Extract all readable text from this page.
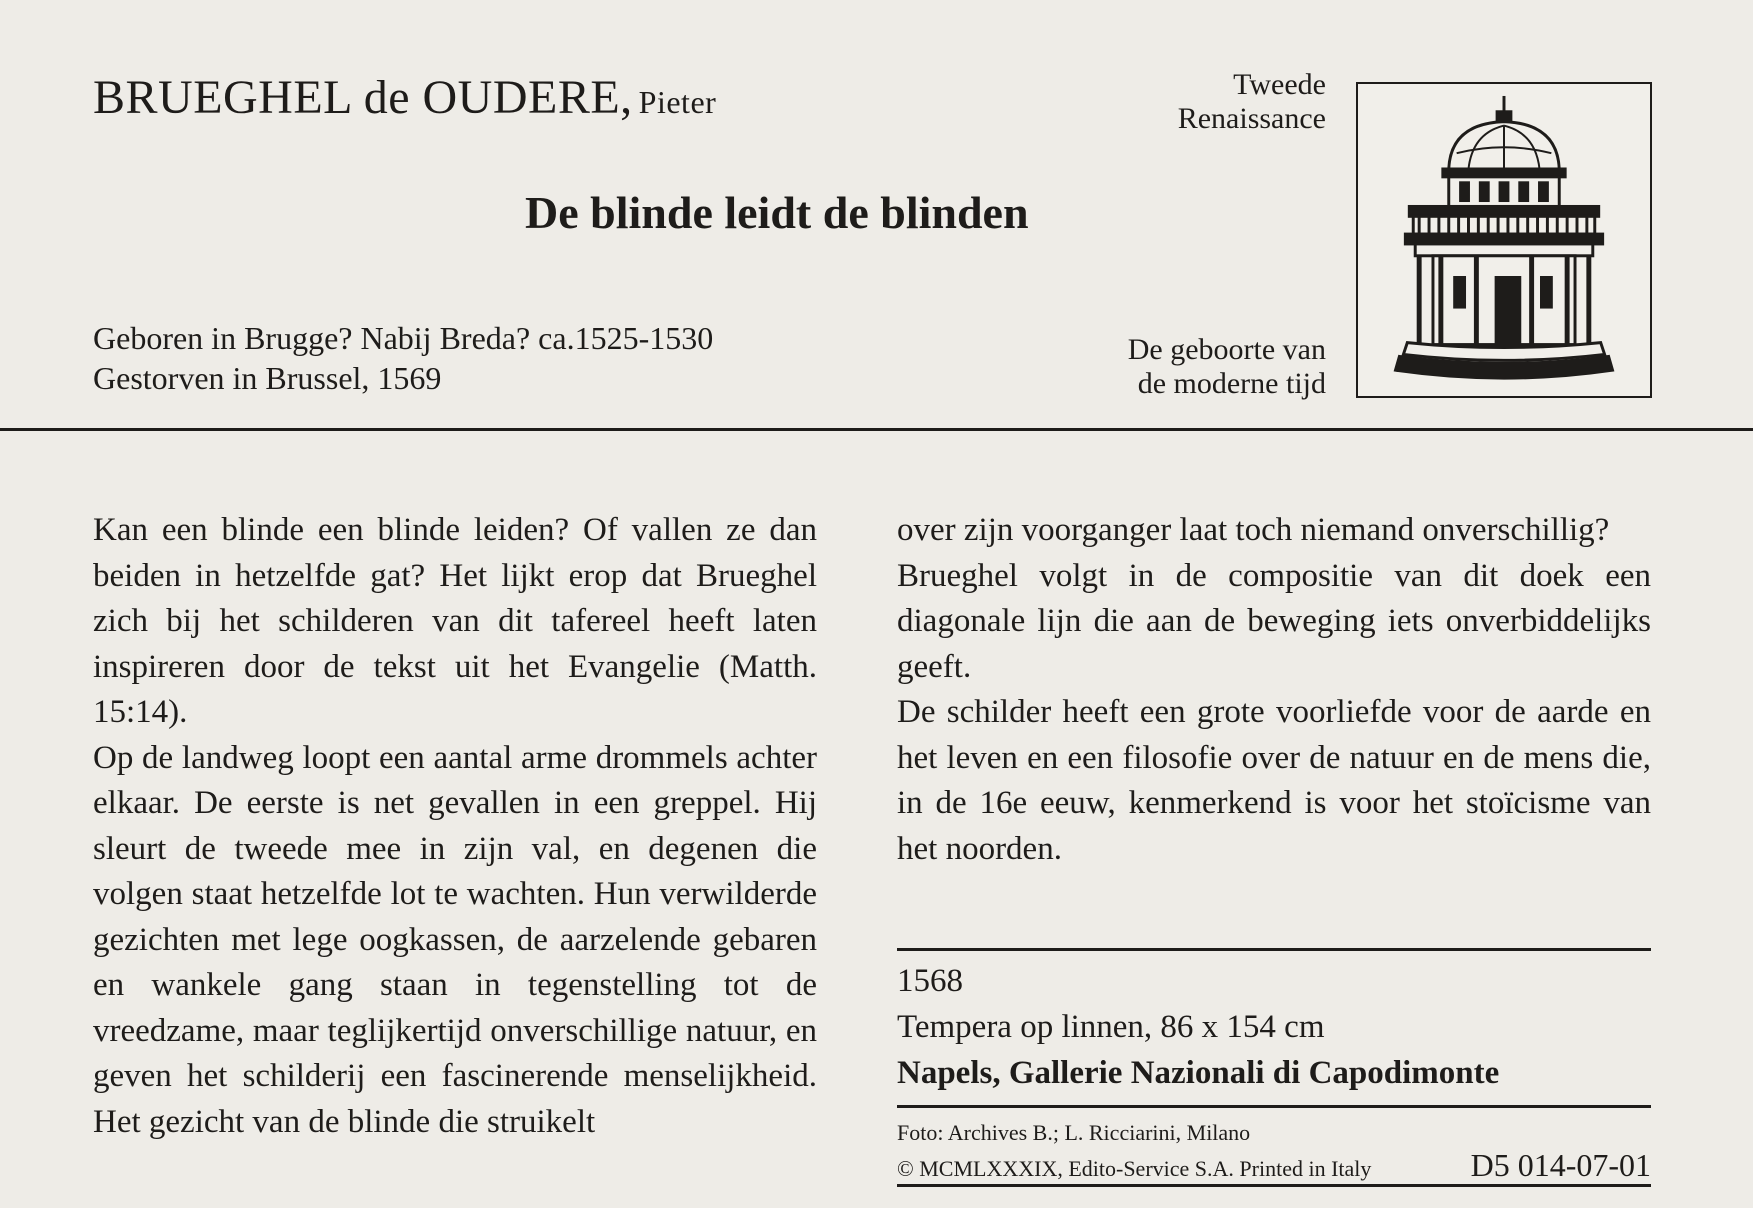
BRUEGHEL de OUDERE, Pieter	Tweede
Renaissance
De blinde leidt de blinden
Geboren in Brugge? Nabij Breda? ca.1525-1530
Gestorven in Brussel, 1569
De geboorte van
de moderne tijd

Kan een blinde een blinde leiden? Of vallen ze dan beiden in hetzelfde gat? Het lijkt erop dat Brueghel zich bij het schilderen van dit tafereel heeft laten inspireren door de tekst uit het Evangelie (Matth. 15:14).

Op de landweg loopt een aantal arme drommels achter elkaar. De eerste is net gevallen in een greppel. Hij sleurt de tweede mee in zijn val, en degenen die volgen staat hetzelfde lot te wachten. Hun verwilderde gezichten met lege oogkassen, de aarzelende gebaren en wankele gang staan in tegenstelling tot de vreedzame, maar teglijkertijd onverschillige natuur, en geven het schilderij een fascinerende menselijkheid. Het gezicht van de blinde die struikelt

over zijn voorganger laat toch niemand onverschillig?

Brueghel volgt in de compositie van dit doek een diagonale lijn die aan de beweging iets onverbiddelijks geeft.

De schilder heeft een grote voorliefde voor de aarde en het leven en een filosofie over de natuur en de mens die, in de 16e eeuw, kenmerkend is voor het stoïcisme van het noorden.

1568
Tempera op linnen, 86 x 154 cm
Napels, Gallerie Nazionali di Capodimonte
Foto: Archives B.; L. Ricciarini, Milano
© MCMLXXXIX, Edito-Service S.A. Printed in Italy	D5 014-07-01
